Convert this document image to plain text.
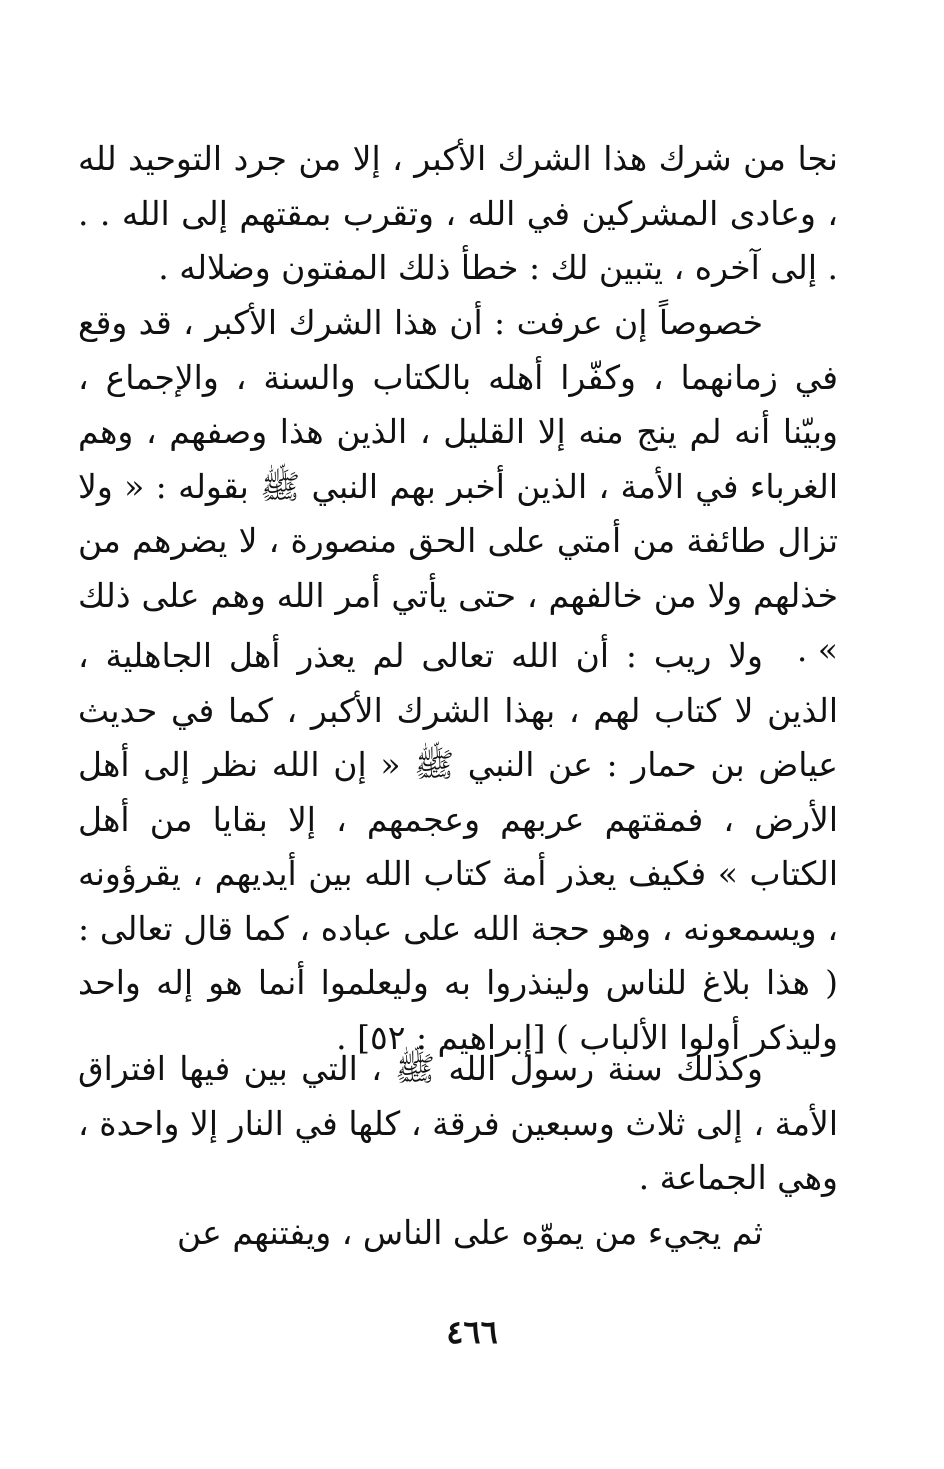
نجا من شرك هذا الشرك الأكبر ، إلا من جرد التوحيد لله ، وعادى المشركين في الله ، وتقرب بمقتهم إلى الله . . . إلى آخره ، يتبين لك : خطأ ذلك المفتون وضلاله .

خصوصاً إن عرفت : أن هذا الشرك الأكبر ، قد وقع في زمانهما ، وكفّرا أهله بالكتاب والسنة ، والإجماع ، وبيّنا أنه لم ينج منه إلا القليل ، الذين هذا وصفهم ، وهم الغرباء في الأمة ، الذين أخبر بهم النبي ﷺ بقوله : « ولا تزال طائفة من أمتي على الحق منصورة ، لا يضرهم من خذلهم ولا من خالفهم ، حتى يأتي أمر الله وهم على ذلك » .

ولا ريب : أن الله تعالى لم يعذر أهل الجاهلية ، الذين لا كتاب لهم ، بهذا الشرك الأكبر ، كما في حديث عياض بن حمار : عن النبي ﷺ « إن الله نظر إلى أهل الأرض ، فمقتهم عربهم وعجمهم ، إلا بقايا من أهل الكتاب » فكيف يعذر أمة كتاب الله بين أيديهم ، يقرؤونه ، ويسمعونه ، وهو حجة الله على عباده ، كما قال تعالى : ( هذا بلاغ للناس ولينذروا به وليعلموا أنما هو إله واحد وليذكر أولوا الألباب ) [إبراهيم : ٥٢] .

وكذلك سنة رسول الله ﷺ ، التي بين فيها افتراق الأمة ، إلى ثلاث وسبعين فرقة ، كلها في النار إلا واحدة ، وهي الجماعة .

ثم يجيء من يموّه على الناس ، ويفتنهم عن

٤٦٦
